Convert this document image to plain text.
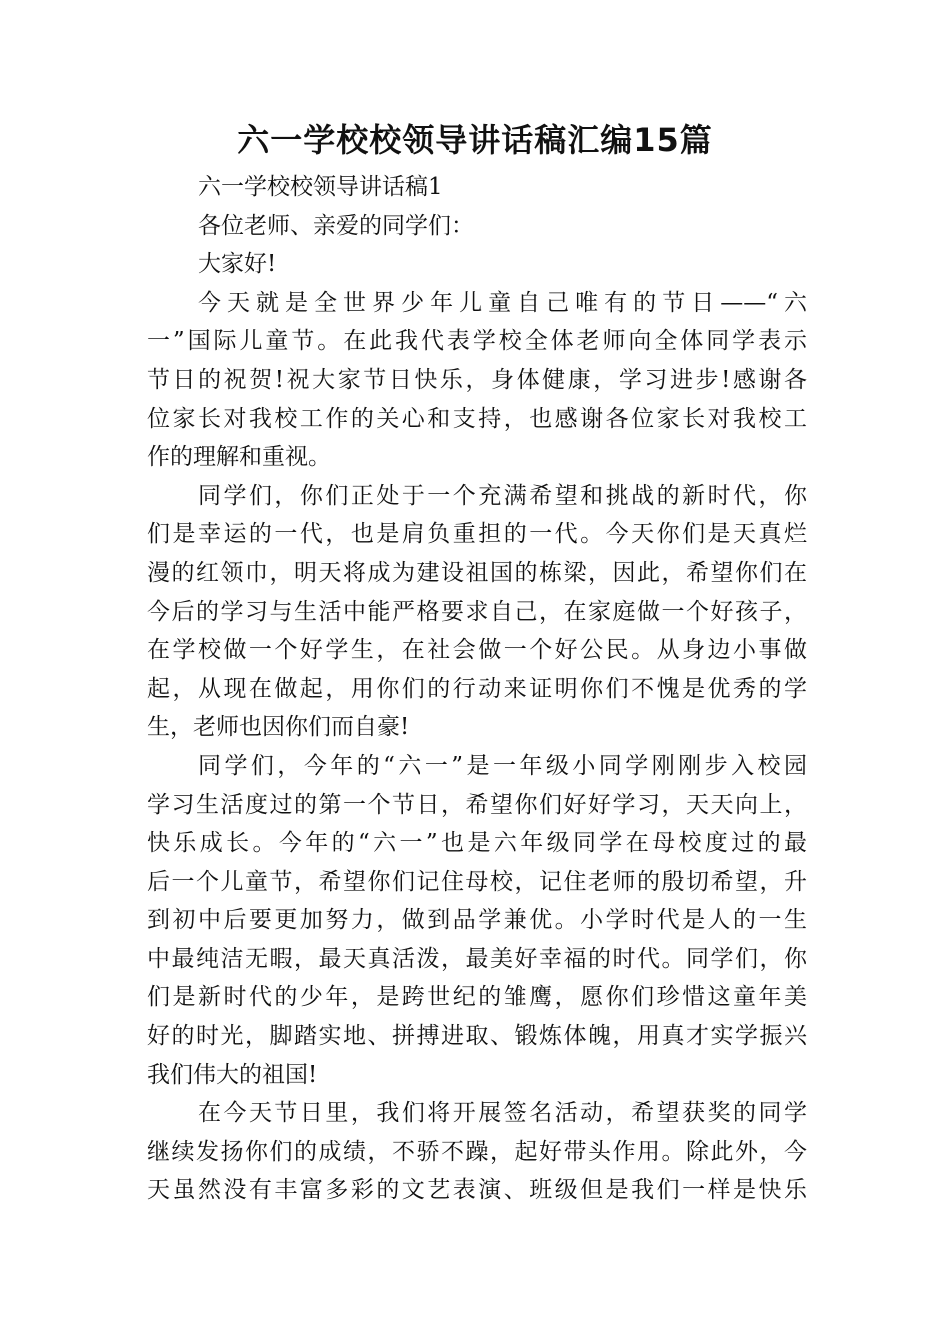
六一学校校领导讲话稿汇编15篇
六一学校校领导讲话稿1
各位老师、亲爱的同学们：
大家好!
今天就是全世界少年儿童自己唯有的节日——“六
一”国际儿童节。在此我代表学校全体老师向全体同学表示
节日的祝贺!祝大家节日快乐，身体健康，学习进步!感谢各
位家长对我校工作的关心和支持，也感谢各位家长对我校工
作的理解和重视。
同学们，你们正处于一个充满希望和挑战的新时代，你
们是幸运的一代，也是肩负重担的一代。今天你们是天真烂
漫的红领巾，明天将成为建设祖国的栋梁，因此，希望你们在
今后的学习与生活中能严格要求自己，在家庭做一个好孩子，
在学校做一个好学生，在社会做一个好公民。从身边小事做
起，从现在做起，用你们的行动来证明你们不愧是优秀的学
生，老师也因你们而自豪!
同学们，今年的“六一”是一年级小同学刚刚步入校园
学习生活度过的第一个节日，希望你们好好学习，天天向上，
快乐成长。今年的“六一”也是六年级同学在母校度过的最
后一个儿童节，希望你们记住母校，记住老师的殷切希望，升
到初中后要更加努力，做到品学兼优。小学时代是人的一生
中最纯洁无暇，最天真活泼，最美好幸福的时代。同学们，你
们是新时代的少年，是跨世纪的雏鹰，愿你们珍惜这童年美
好的时光，脚踏实地、拼搏进取、锻炼体魄，用真才实学振兴
我们伟大的祖国!
在今天节日里，我们将开展签名活动，希望获奖的同学
继续发扬你们的成绩，不骄不躁，起好带头作用。除此外，今
天虽然没有丰富多彩的文艺表演、班级但是我们一样是快乐
